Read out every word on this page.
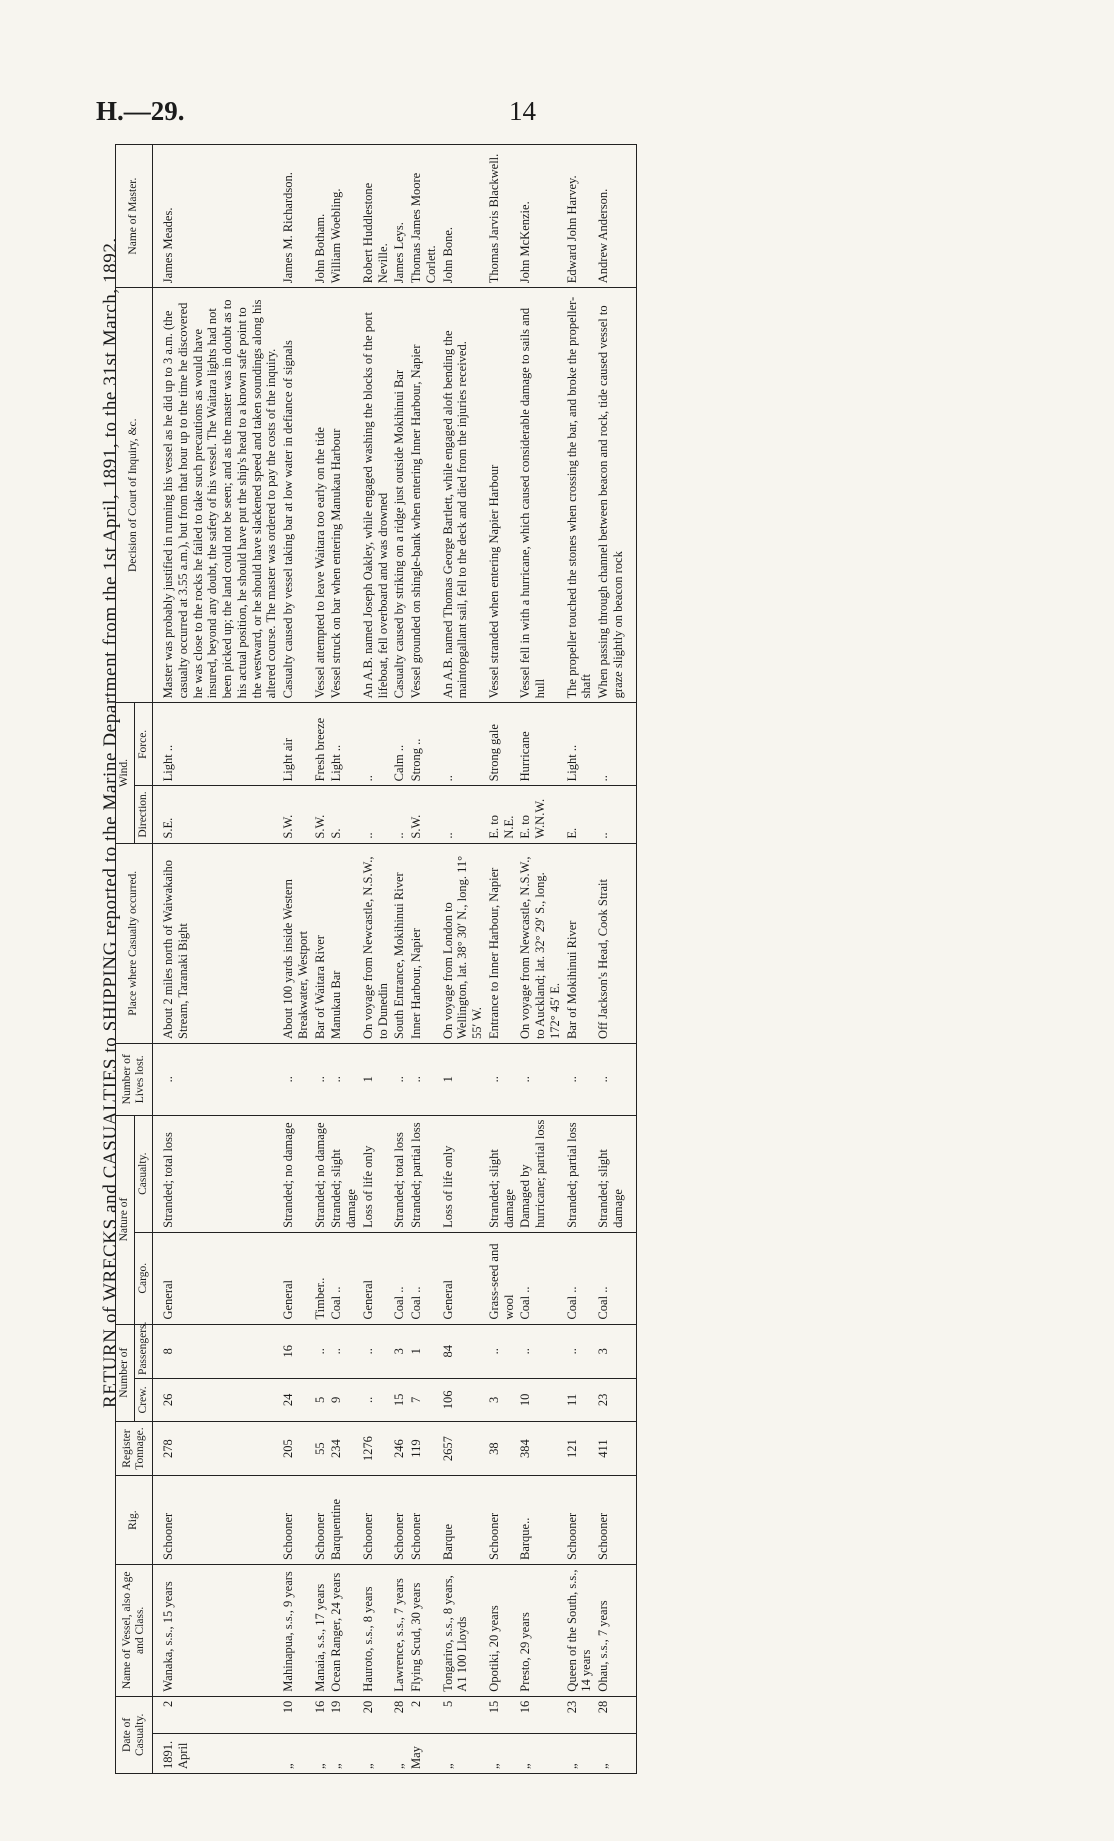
H.—29.	14
RETURN of WRECKS and CASUALTIES to SHIPPING reported to the Marine Department from the 1st April, 1891, to the 31st March, 1892.
Date of Casualty.		Name of Vessel, also Age and Class.	Rig.	Register Tonnage.	Number of		Nature of		Number of Lives lost.	Place where Casualty occurred.	Wind.		Decision of Court of Inquiry, &c.	Name of Master.
					Crew.	Passengers.	Cargo.	Casualty.			Direction.	Force.		
1891. April	2	Wanaka, s.s., 15 years	Schooner	278	26	8	General	Stranded; total loss	..	About 2 miles north of Waiwakaiho Stream, Taranaki Bight	S.E.	Light ..	Master was probably justified in running his vessel as he did up to 3 a.m. (the casualty occurred at 3.55 a.m.), but from that hour up to the time he discovered he was close to the rocks he failed to take such precautions as would have insured, beyond any doubt, the safety of his vessel. The Waitara lights had not been picked up; the land could not be seen; and as the master was in doubt as to his actual position, he should have put the ship's head to a known safe point to the westward, or he should have slackened speed and taken soundings along his altered course. The master was ordered to pay the costs of the inquiry.	James Meades.
„	10	Mahinapua, s.s., 9 years	Schooner	205	24	16	General	Stranded; no damage	..	About 100 yards inside Western Breakwater, Westport	S.W.	Light air	Casualty caused by vessel taking bar at low water in defiance of signals	James M. Richardson.
„	16	Manaia, s.s., 17 years	Schooner	55	5	..	Timber..	Stranded; no damage	..	Bar of Waitara River	S.W.	Fresh breeze	Vessel attempted to leave Waitara too early on the tide	John Botham.
„	19	Ocean Ranger, 24 years	Barquentine	234	9	..	Coal ..	Stranded; slight damage	..	Manukau Bar	S.	Light ..	Vessel struck on bar when entering Manukau Harbour	William Woebling.
„	20	Hauroto, s.s., 8 years	Schooner	1276	..	..	General	Loss of life only	1	On voyage from Newcastle, N.S.W., to Dunedin	..	..	An A.B. named Joseph Oakley, while engaged washing the blocks of the port lifeboat, fell overboard and was drowned	Robert Huddlestone Neville.
„	28	Lawrence, s.s., 7 years	Schooner	246	15	3	Coal ..	Stranded; total loss	..	South Entrance, Mokihinui River	..	Calm ..	Casualty caused by striking on a ridge just outside Mokihinui Bar	James Leys.
May	2	Flying Scud, 30 years	Schooner	119	7	1	Coal ..	Stranded; partial loss	..	Inner Harbour, Napier	S.W.	Strong ..	Vessel grounded on shingle-bank when entering Inner Harbour, Napier	Thomas James Moore Corlett.
„	5	Tongariro, s.s., 8 years, A1 100 Lloyds	Barque	2657	106	84	General	Loss of life only	1	On voyage from London to Wellington, lat. 38° 30′ N., long. 11° 55′ W.	..	..	An A.B. named Thomas George Bartlett, while engaged aloft bending the maintopgallant sail, fell to the deck and died from the injuries received.	John Bone.
„	15	Opotiki, 20 years	Schooner	38	3	..	Grass-seed and wool	Stranded; slight damage	..	Entrance to Inner Harbour, Napier	E. to N.E.	Strong gale	Vessel stranded when entering Napier Harbour	Thomas Jarvis Blackwell.
„	16	Presto, 29 years	Barque..	384	10	..	Coal ..	Damaged by hurricane; partial loss	..	On voyage from Newcastle, N.S.W., to Auckland; lat. 32° 29′ S., long. 172° 45′ E.	E. to W.N.W.	Hurricane	Vessel fell in with a hurricane, which caused considerable damage to sails and hull	John McKenzie.
„	23	Queen of the South, s.s., 14 years	Schooner	121	11	..	Coal ..	Stranded; partial loss	..	Bar of Mokihinui River	E.	Light ..	The propeller touched the stones when crossing the bar, and broke the propeller-shaft	Edward John Harvey.
„	28	Ohau, s.s., 7 years	Schooner	411	23	3	Coal ..	Stranded; slight damage	..	Off Jackson's Head, Cook Strait	..	..	When passing through channel between beacon and rock, tide caused vessel to graze slightly on beacon rock	Andrew Anderson.
